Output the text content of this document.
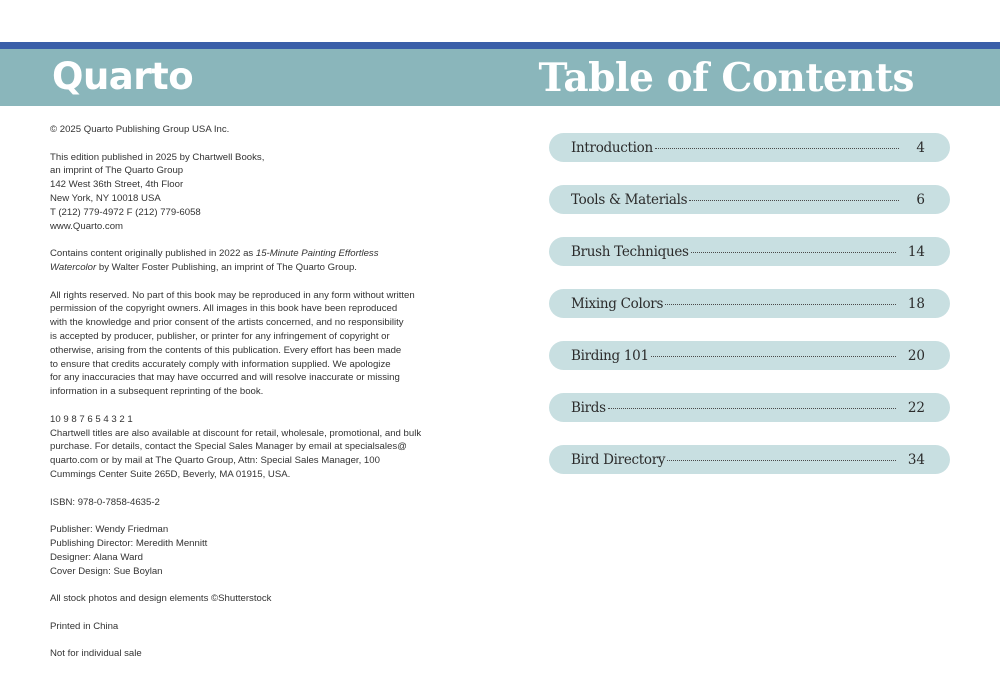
Quarto	Table of Contents

© 2025 Quarto Publishing Group USA Inc.

This edition published in 2025 by Chartwell Books,
an imprint of The Quarto Group
142 West 36th Street, 4th Floor
New York, NY 10018 USA
T (212) 779-4972 F (212) 779-6058
www.Quarto.com

Contains content originally published in 2022 as 15-Minute Painting Effortless
Watercolor by Walter Foster Publishing, an imprint of The Quarto Group.

All rights reserved. No part of this book may be reproduced in any form without written
permission of the copyright owners. All images in this book have been reproduced
with the knowledge and prior consent of the artists concerned, and no responsibility
is accepted by producer, publisher, or printer for any infringement of copyright or
otherwise, arising from the contents of this publication. Every effort has been made
to ensure that credits accurately comply with information supplied. We apologize
for any inaccuracies that may have occurred and will resolve inaccurate or missing
information in a subsequent reprinting of the book.

10 9 8 7 6 5 4 3 2 1
Chartwell titles are also available at discount for retail, wholesale, promotional, and bulk
purchase. For details, contact the Special Sales Manager by email at specialsales@
quarto.com or by mail at The Quarto Group, Attn: Special Sales Manager, 100
Cummings Center Suite 265D, Beverly, MA 01915, USA.

ISBN: 978-0-7858-4635-2

Publisher: Wendy Friedman
Publishing Director: Meredith Mennitt
Designer: Alana Ward
Cover Design: Sue Boylan

All stock photos and design elements ©Shutterstock

Printed in China

Not for individual sale

Introduction	4
Tools & Materials	6
Brush Techniques	14
Mixing Colors	18
Birding 101	20
Birds	22
Bird Directory	34
